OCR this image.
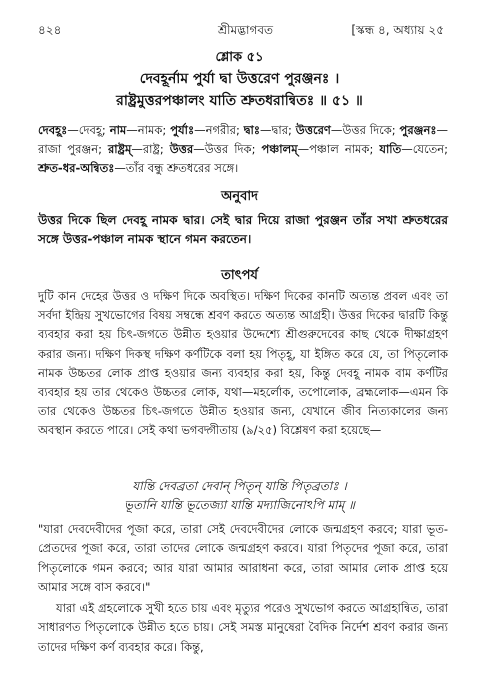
৪২৪	শ্রীমদ্ভাগবত	[স্কন্ধ ৪, অধ্যায় ২৫
শ্লোক ৫১
দেবহূর্নাম পুর্যা দ্বা উত্তরেণ পুরঞ্জনঃ ।
রাষ্ট্রমুত্তরপঞ্চালং যাতি শ্রুতধরান্বিতঃ ॥ ৫১ ॥
দেবহূঃ—দেবহূ; নাম—নামক; পুর্যাঃ—নগরীর; দ্বাঃ—দ্বার; উত্তরেণ—উত্তর দিকে; পুরঞ্জনঃ—রাজা পুরঞ্জন; রাষ্ট্রম্—রাষ্ট্র; উত্তর—উত্তর দিক; পঞ্চালম্—পঞ্চাল নামক; যাতি—যেতেন; শ্রুত-ধর-অন্বিতঃ—তাঁর বন্ধু শ্রুতধরের সঙ্গে।
অনুবাদ
উত্তর দিকে ছিল দেবহূ নামক দ্বার। সেই দ্বার দিয়ে রাজা পুরঞ্জন তাঁর সখা শ্রুতধরের সঙ্গে উত্তর-পঞ্চাল নামক স্থানে গমন করতেন।
তাৎপর্য
দুটি কান দেহের উত্তর ও দক্ষিণ দিকে অবস্থিত। দক্ষিণ দিকের কানটি অত্যন্ত প্রবল এবং তা সর্বদা ইন্দ্রিয় সুখভোগের বিষয় সম্বন্ধে শ্রবণ করতে অত্যন্ত আগ্রহী। উত্তর দিকের দ্বারটি কিন্তু ব্যবহার করা হয় চিৎ-জগতে উন্নীত হওয়ার উদ্দেশ্যে শ্রীগুরুদেবের কাছ থেকে দীক্ষাগ্রহণ করার জন্য। দক্ষিণ দিকস্থ দক্ষিণ কর্ণটিকে বলা হয় পিতৃহূ, যা ইঙ্গিত করে যে, তা পিতৃলোক নামক উচ্চতর লোক প্রাপ্ত হওয়ার জন্য ব্যবহার করা হয়, কিন্তু দেবহূ নামক বাম কর্ণটির ব্যবহার হয় তার থেকেও উচ্চতর লোক, যথা—মহর্লোক, তপোলোক, ব্রহ্মলোক—এমন কি তার থেকেও উচ্চতর চিৎ-জগতে উন্নীত হওয়ার জন্য, যেখানে জীব নিত্যকালের জন্য অবস্থান করতে পারে। সেই কথা ভগবদ্গীতায় (৯/২৫) বিশ্লেষণ করা হয়েছে—
যান্তি দেবব্রতা দেবান্ পিতৃন্ যান্তি পিতৃব্রতাঃ ।
ভূতানি যান্তি ভূতেজ্যা যান্তি মদ্যাজিনোঽপি মাম্ ॥
"যারা দেবদেবীদের পূজা করে, তারা সেই দেবদেবীদের লোকে জন্মগ্রহণ করবে; যারা ভূত-প্রেতদের পূজা করে, তারা তাদের লোকে জন্মগ্রহণ করবে। যারা পিতৃদের পূজা করে, তারা পিতৃলোকে গমন করবে; আর যারা আমার আরাধনা করে, তারা আমার লোক প্রাপ্ত হয়ে আমার সঙ্গে বাস করবে।"
যারা এই গ্রহলোকে সুখী হতে চায় এবং মৃত্যুর পরেও সুখভোগ করতে আগ্রহান্বিত, তারা সাধারণত পিতৃলোকে উন্নীত হতে চায়। সেই সমস্ত মানুষেরা বৈদিক নির্দেশ শ্রবণ করার জন্য তাদের দক্ষিণ কর্ণ ব্যবহার করে। কিন্তু,
